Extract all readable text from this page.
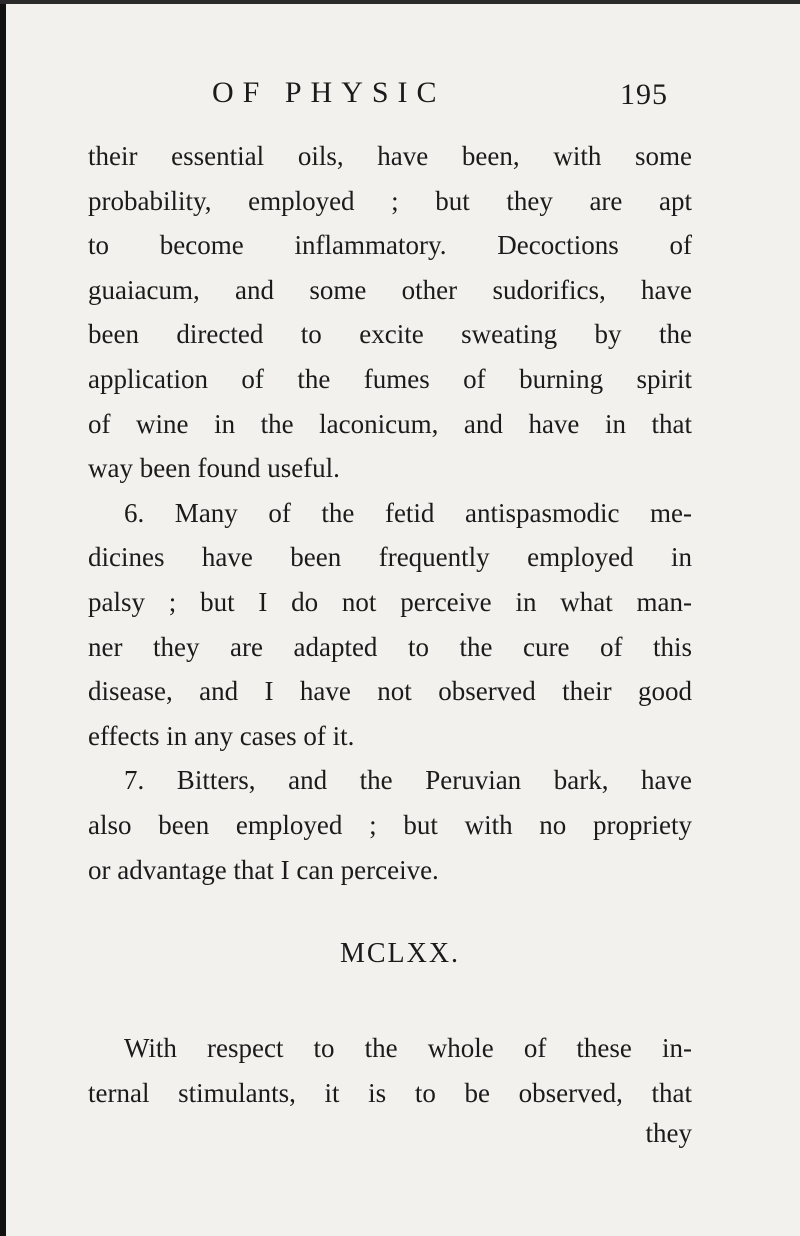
OF PHYSIC	195
their essential oils, have been, with some
probability, employed ; but they are apt
to become inflammatory. Decoctions of
guaiacum, and some other sudorifics, have
been directed to excite sweating by the
application of the fumes of burning spirit
of wine in the laconicum, and have in that
way been found useful.
6. Many of the fetid antispasmodic me-
dicines have been frequently employed in
palsy ; but I do not perceive in what man-
ner they are adapted to the cure of this
disease, and I have not observed their good
effects in any cases of it.
7. Bitters, and the Peruvian bark, have
also been employed ; but with no propriety
or advantage that I can perceive.
MCLXX.
With respect to the whole of these in-
ternal stimulants, it is to be observed, that
they
